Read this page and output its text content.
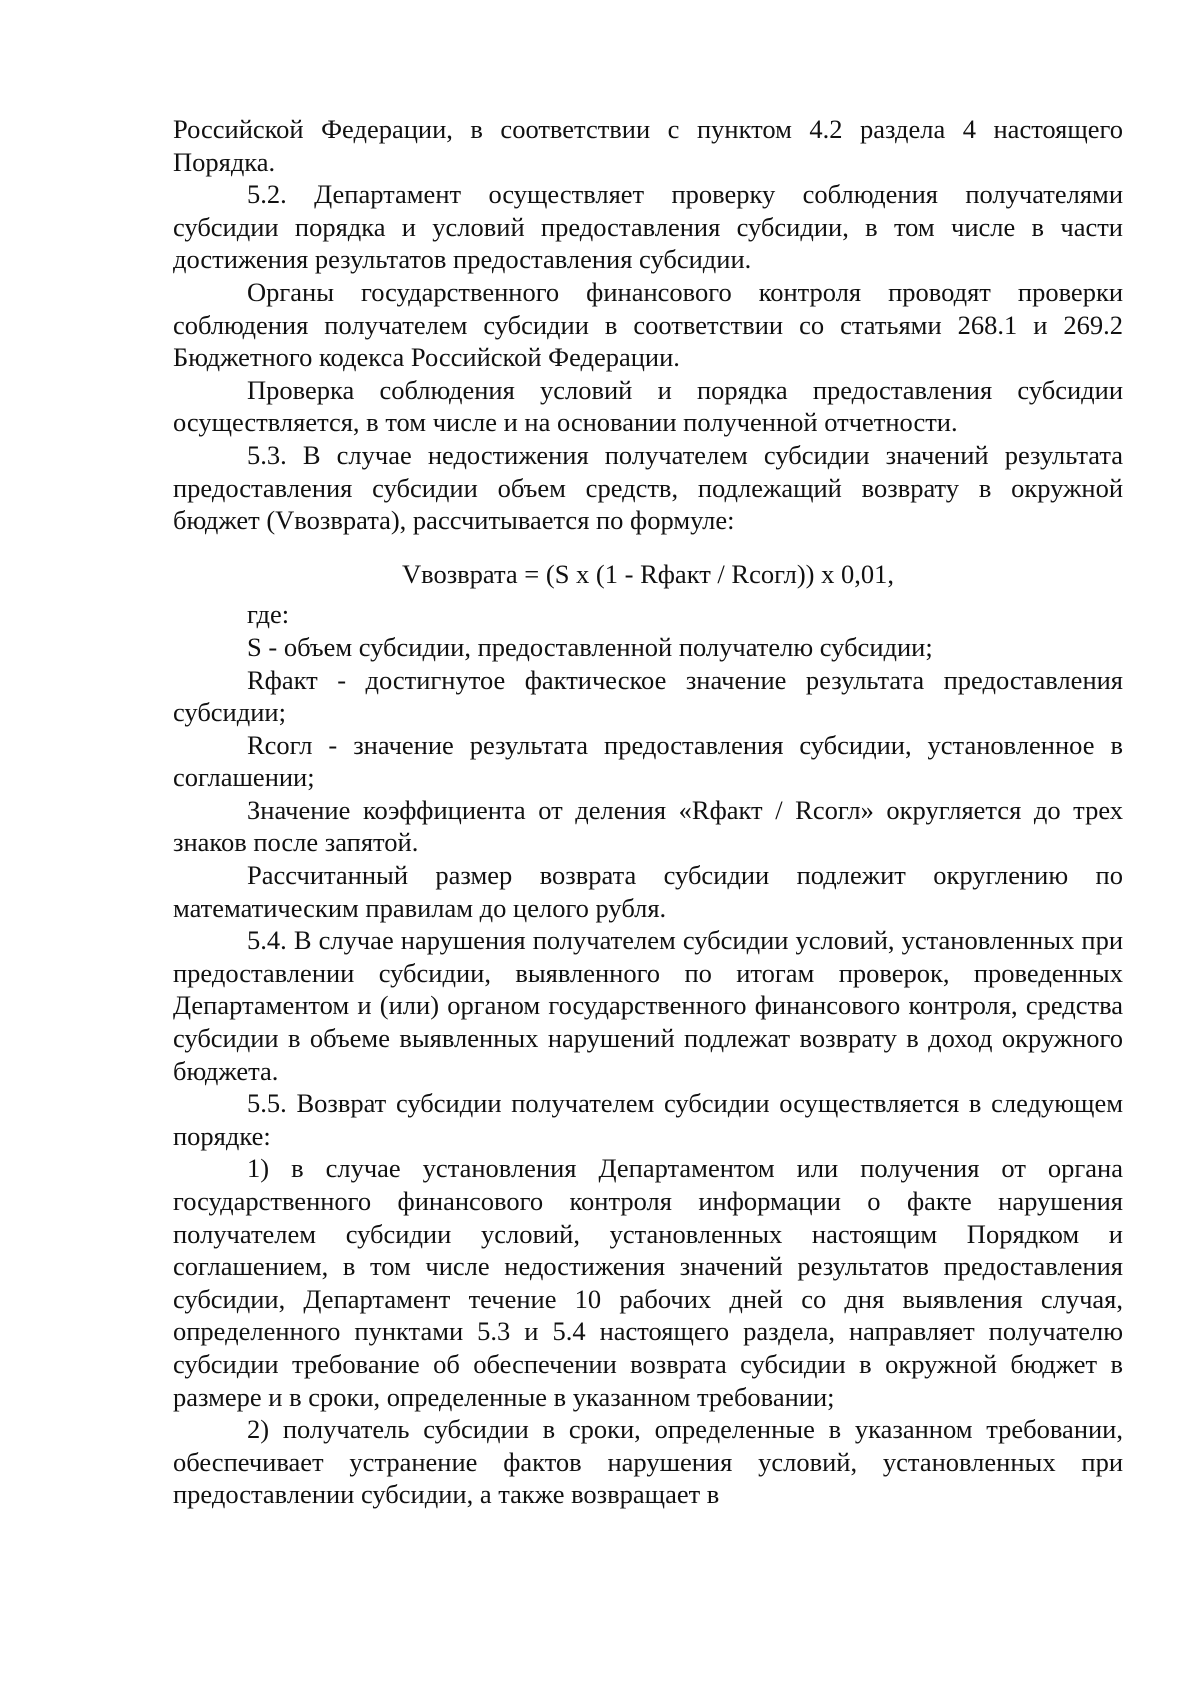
Российской Федерации, в соответствии с пунктом 4.2 раздела 4 настоящего Порядка.

5.2. Департамент осуществляет проверку соблюдения получателями субсидии порядка и условий предоставления субсидии, в том числе в части достижения результатов предоставления субсидии.

Органы государственного финансового контроля проводят проверки соблюдения получателем субсидии в соответствии со статьями 268.1 и 269.2 Бюджетного кодекса Российской Федерации.

Проверка соблюдения условий и порядка предоставления субсидии осуществляется, в том числе и на основании полученной отчетности.

5.3. В случае недостижения получателем субсидии значений результата предоставления субсидии объем средств, подлежащий возврату в окружной бюджет (Vвозврата), рассчитывается по формуле:

Vвозврата = (S x (1 - Rфакт / Rсогл)) x 0,01,

где:

S - объем субсидии, предоставленной получателю субсидии;

Rфакт - достигнутое фактическое значение результата предоставления субсидии;

Rсогл - значение результата предоставления субсидии, установленное в соглашении;

Значение коэффициента от деления «Rфакт / Rсогл» округляется до трех знаков после запятой.

Рассчитанный размер возврата субсидии подлежит округлению по математическим правилам до целого рубля.

5.4. В случае нарушения получателем субсидии условий, установленных при предоставлении субсидии, выявленного по итогам проверок, проведенных Департаментом и (или) органом государственного финансового контроля, средства субсидии в объеме выявленных нарушений подлежат возврату в доход окружного бюджета.

5.5. Возврат субсидии получателем субсидии осуществляется в следующем порядке:

1) в случае установления Департаментом или получения от органа государственного финансового контроля информации о факте нарушения получателем субсидии условий, установленных настоящим Порядком и соглашением, в том числе недостижения значений результатов предоставления субсидии, Департамент течение 10 рабочих дней со дня выявления случая, определенного пунктами 5.3 и 5.4 настоящего раздела, направляет получателю субсидии требование об обеспечении возврата субсидии в окружной бюджет в размере и в сроки, определенные в указанном требовании;

2) получатель субсидии в сроки, определенные в указанном требовании, обеспечивает устранение фактов нарушения условий, установленных при предоставлении субсидии, а также возвращает в
